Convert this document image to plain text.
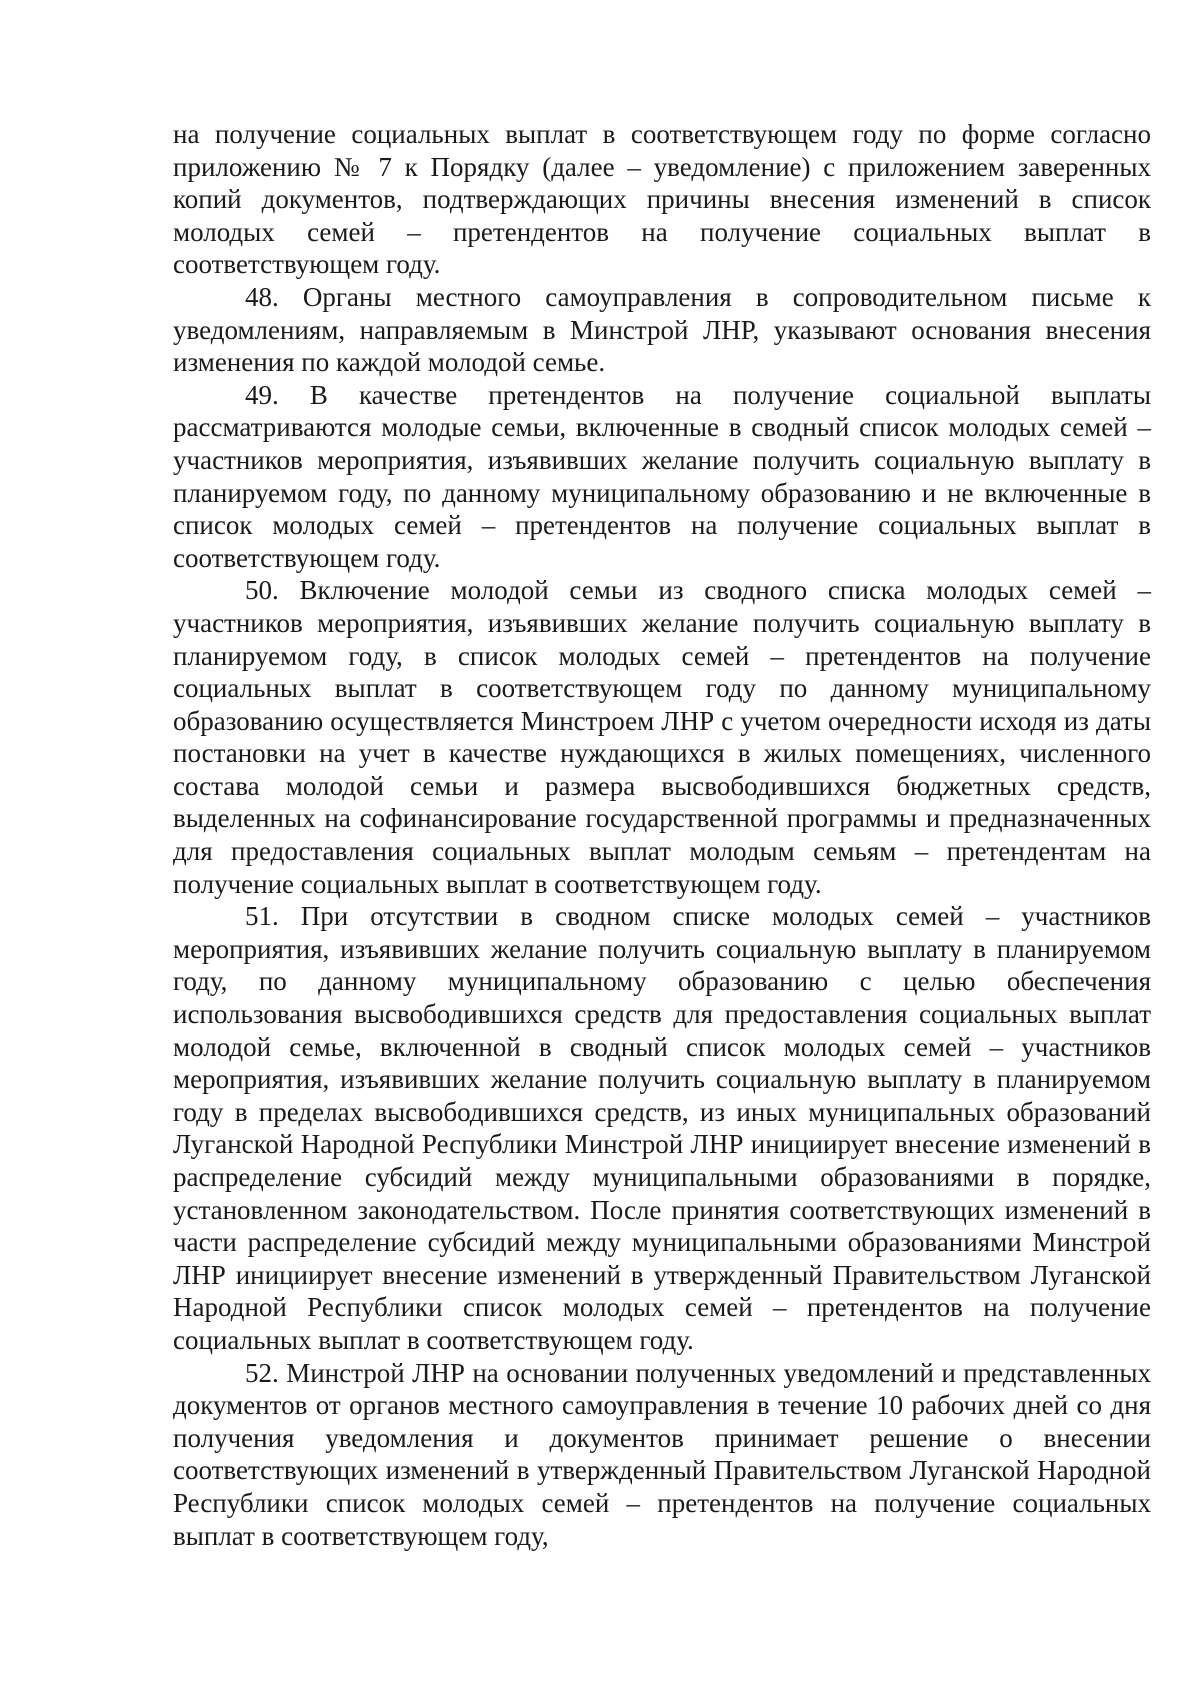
на получение социальных выплат в соответствующем году по форме согласно приложению № 7 к Порядку (далее – уведомление) с приложением заверенных копий документов, подтверждающих причины внесения изменений в список молодых семей – претендентов на получение социальных выплат в соответствующем году.

48. Органы местного самоуправления в сопроводительном письме к уведомлениям, направляемым в Минстрой ЛНР, указывают основания внесения изменения по каждой молодой семье.

49. В качестве претендентов на получение социальной выплаты рассматриваются молодые семьи, включенные в сводный список молодых семей – участников мероприятия, изъявивших желание получить социальную выплату в планируемом году, по данному муниципальному образованию и не включенные в список молодых семей – претендентов на получение социальных выплат в соответствующем году.

50. Включение молодой семьи из сводного списка молодых семей – участников мероприятия, изъявивших желание получить социальную выплату в планируемом году, в список молодых семей – претендентов на получение социальных выплат в соответствующем году по данному муниципальному образованию осуществляется Минстроем ЛНР с учетом очередности исходя из даты постановки на учет в качестве нуждающихся в жилых помещениях, численного состава молодой семьи и размера высвободившихся бюджетных средств, выделенных на софинансирование государственной программы и предназначенных для предоставления социальных выплат молодым семьям – претендентам на получение социальных выплат в соответствующем году.

51. При отсутствии в сводном списке молодых семей – участников мероприятия, изъявивших желание получить социальную выплату в планируемом году, по данному муниципальному образованию с целью обеспечения использования высвободившихся средств для предоставления социальных выплат молодой семье, включенной в сводный список молодых семей – участников мероприятия, изъявивших желание получить социальную выплату в планируемом году в пределах высвободившихся средств, из иных муниципальных образований Луганской Народной Республики Минстрой ЛНР инициирует внесение изменений в распределение субсидий между муниципальными образованиями в порядке, установленном законодательством. После принятия соответствующих изменений в части распределение субсидий между муниципальными образованиями Минстрой ЛНР инициирует внесение изменений в утвержденный Правительством Луганской Народной Республики список молодых семей – претендентов на получение социальных выплат в соответствующем году.

52. Минстрой ЛНР на основании полученных уведомлений и представленных документов от органов местного самоуправления в течение 10 рабочих дней со дня получения уведомления и документов принимает решение о внесении соответствующих изменений в утвержденный Правительством Луганской Народной Республики список молодых семей – претендентов на получение социальных выплат в соответствующем году,
